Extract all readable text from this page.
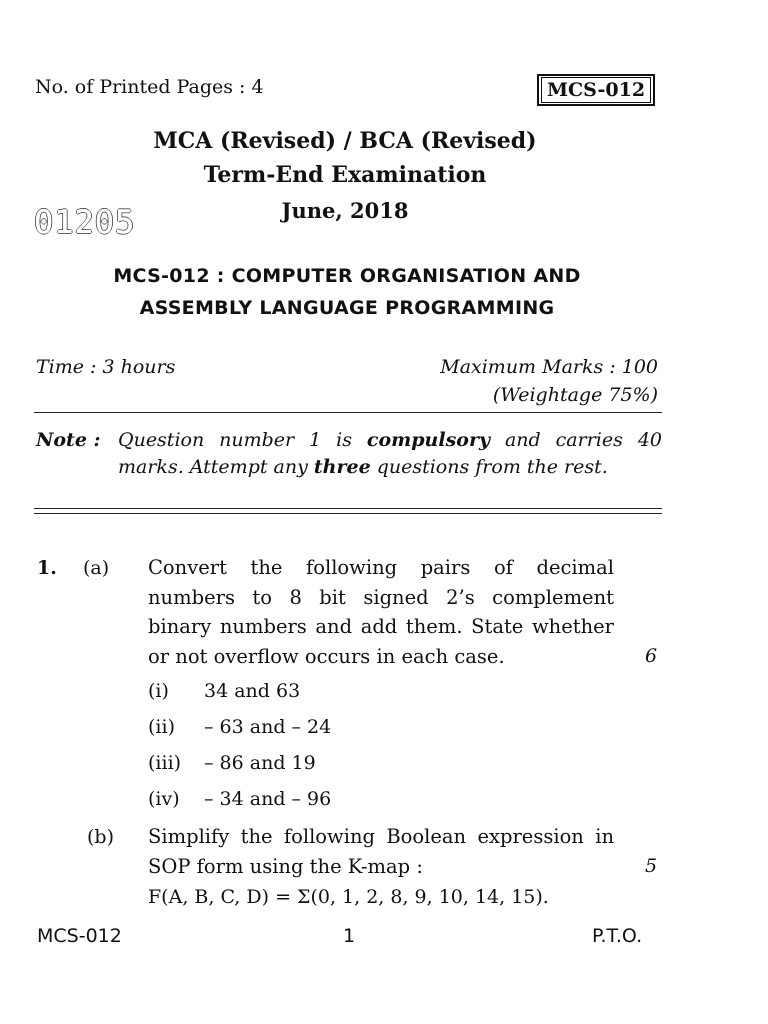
No. of Printed Pages : 4	MCS-012
MCA (Revised) / BCA (Revised)
Term-End Examination
June, 2018
01205
MCS-012 : COMPUTER ORGANISATION AND
ASSEMBLY LANGUAGE PROGRAMMING
Time : 3 hours	Maximum Marks : 100
(Weightage 75%)
Note : Question number 1 is compulsory and carries 40 marks. Attempt any three questions from the rest.
1. (a) Convert the following pairs of decimal numbers to 8 bit signed 2’s complement binary numbers and add them. State whether or not overflow occurs in each case.	6
(i) 34 and 63
(ii) – 63 and – 24
(iii) – 86 and 19
(iv) – 34 and – 96
(b) Simplify the following Boolean expression in SOP form using the K-map :	5
F(A, B, C, D) = Σ(0, 1, 2, 8, 9, 10, 14, 15).
MCS-012	1	P.T.O.
